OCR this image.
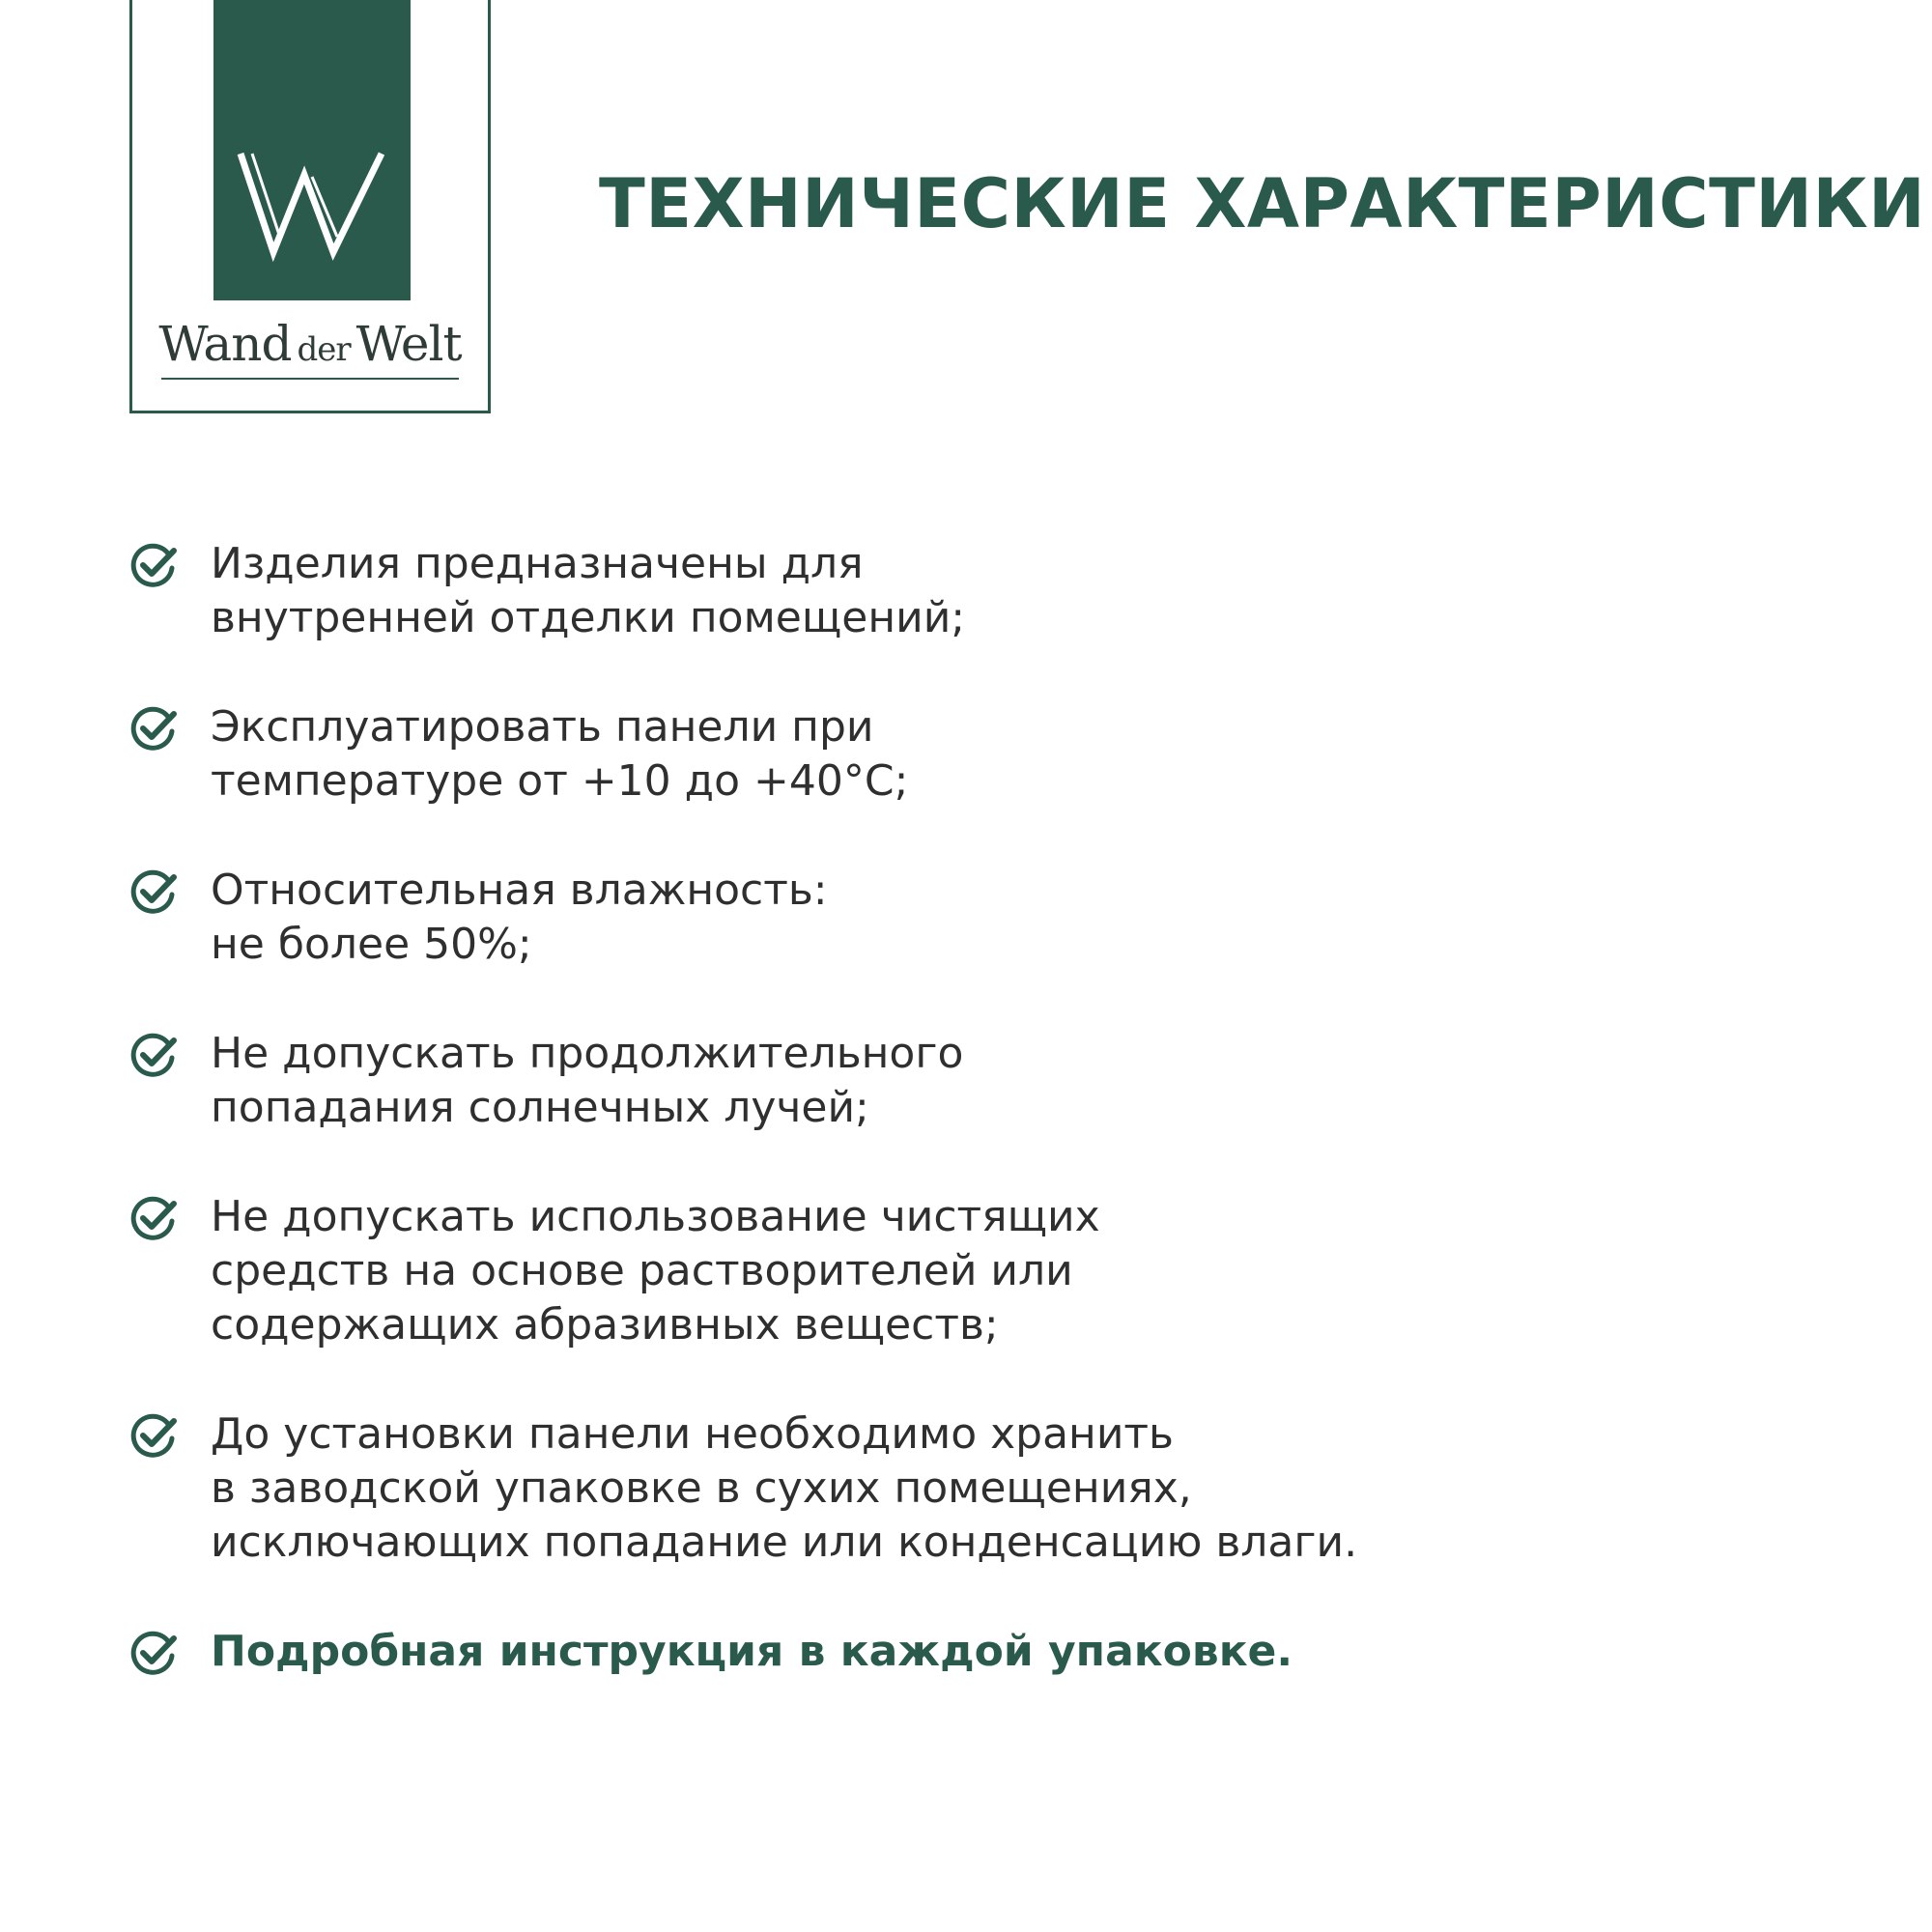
Wand der Welt
ТЕХНИЧЕСКИЕ ХАРАКТЕРИСТИКИ
Изделия предназначены для
внутренней отделки помещений;
Эксплуатировать панели при
температуре от +10 до +40°С;
Относительная влажность:
не более 50%;
Не допускать продолжительного
попадания солнечных лучей;
Не допускать использование чистящих
средств на основе растворителей или
содержащих абразивных веществ;
До установки панели необходимо хранить
в заводской упаковке в сухих помещениях,
исключающих попадание или конденсацию влаги.
Подробная инструкция в каждой упаковке.
